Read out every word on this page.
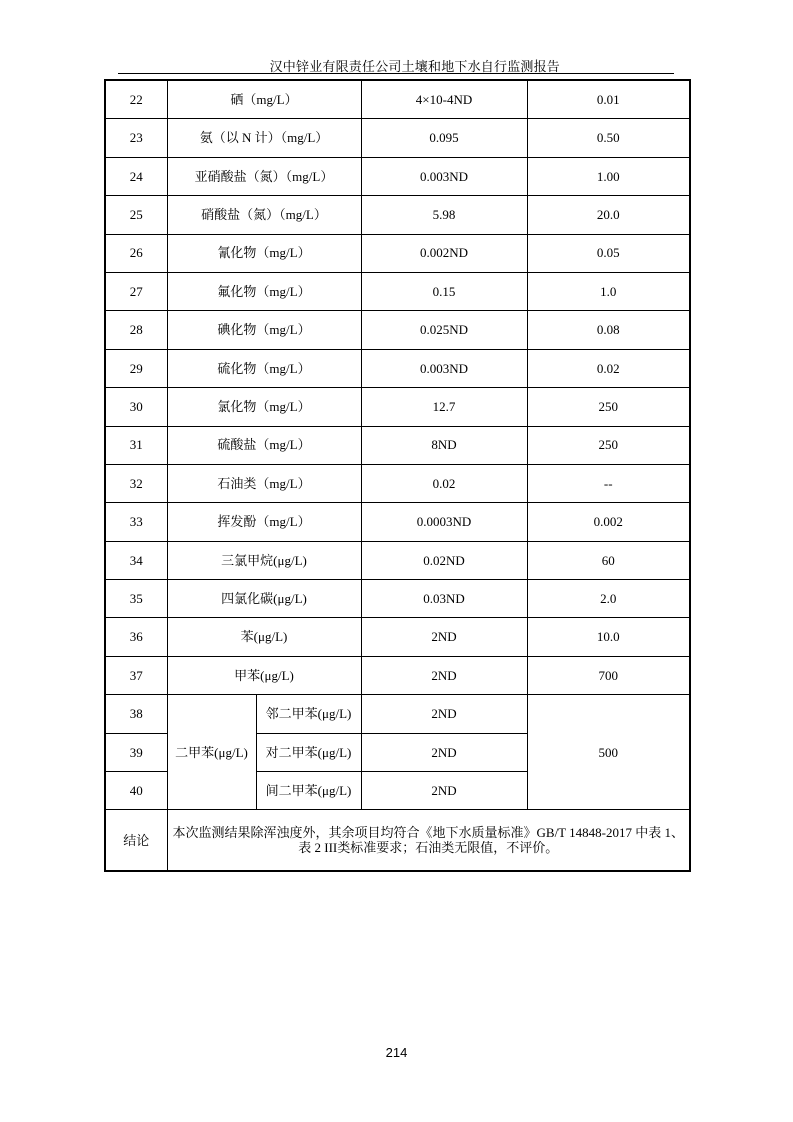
汉中锌业有限责任公司土壤和地下水自行监测报告
22	硒（mg/L）		4×10-4ND	0.01
23	氨（以 N 计）（mg/L）		0.095	0.50
24	亚硝酸盐（氮）（mg/L）		0.003ND	1.00
25	硝酸盐（氮）（mg/L）		5.98	20.0
26	氰化物（mg/L）		0.002ND	0.05
27	氟化物（mg/L）		0.15	1.0
28	碘化物（mg/L）		0.025ND	0.08
29	硫化物（mg/L）		0.003ND	0.02
30	氯化物（mg/L）		12.7	250
31	硫酸盐（mg/L）		8ND	250
32	石油类（mg/L）		0.02	--
33	挥发酚（mg/L）		0.0003ND	0.002
34	三氯甲烷(μg/L)		0.02ND	60
35	四氯化碳(μg/L)		0.03ND	2.0
36	苯(μg/L)		2ND	10.0
37	甲苯(μg/L)		2ND	700
38	二甲苯(μg/L)	邻二甲苯(μg/L)	2ND	500
39		对二甲苯(μg/L)	2ND	
40		间二甲苯(μg/L)	2ND	
结论	本次监测结果除浑浊度外，其余项目均符合《地下水质量标准》GB/T 14848-2017 中表 1、表 2 III类标准要求；石油类无限值，不评价。			
214
